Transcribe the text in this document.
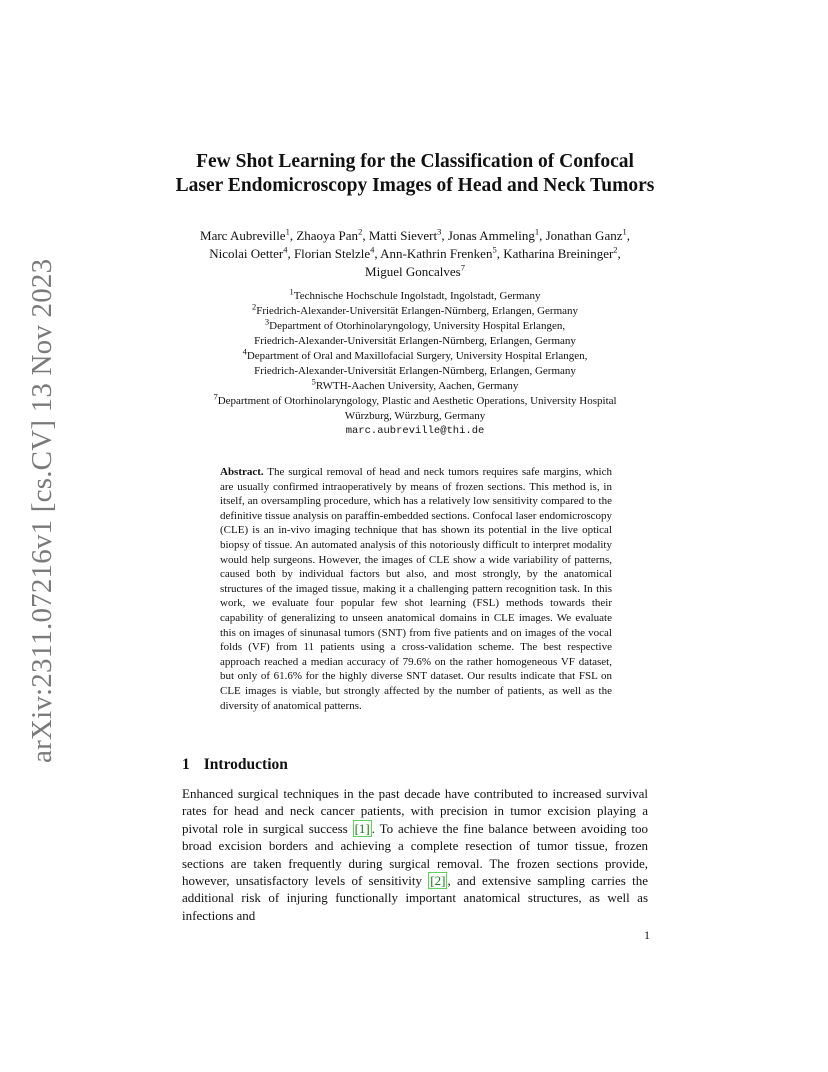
arXiv:2311.07216v1 [cs.CV] 13 Nov 2023
Few Shot Learning for the Classification of Confocal
Laser Endomicroscopy Images of Head and Neck Tumors
Marc Aubreville$^1$, Zhaoya Pan$^2$, Matti Sievert$^3$, Jonas Ammeling$^1$, Jonathan Ganz$^1$,
Nicolai Oetter$^4$, Florian Stelzle$^4$, Ann-Kathrin Frenken$^5$, Katharina Breininger$^2$,
Miguel Goncalves$^7$
$^1$Technische Hochschule Ingolstadt, Ingolstadt, Germany
$^2$Friedrich-Alexander-Universität Erlangen-Nürnberg, Erlangen, Germany
$^3$Department of Otorhinolaryngology, University Hospital Erlangen,
Friedrich-Alexander-Universität Erlangen-Nürnberg, Erlangen, Germany
$^4$Department of Oral and Maxillofacial Surgery, University Hospital Erlangen,
Friedrich-Alexander-Universität Erlangen-Nürnberg, Erlangen, Germany
$^5$RWTH-Aachen University, Aachen, Germany
$^7$Department of Otorhinolaryngology, Plastic and Aesthetic Operations, University Hospital
Würzburg, Würzburg, Germany
marc.aubreville@thi.de
Abstract. The surgical removal of head and neck tumors requires safe margins, which are usually confirmed intraoperatively by means of frozen sections. This method is, in itself, an oversampling procedure, which has a relatively low sensitivity compared to the definitive tissue analysis on paraffin-embedded sections. Confocal laser endomicroscopy (CLE) is an in-vivo imaging technique that has shown its potential in the live optical biopsy of tissue. An automated analysis of this notoriously difficult to interpret modality would help surgeons. However, the images of CLE show a wide variability of patterns, caused both by individual factors but also, and most strongly, by the anatomical structures of the imaged tissue, making it a challenging pattern recognition task. In this work, we evaluate four popular few shot learning (FSL) methods towards their capability of generalizing to unseen anatomical domains in CLE images. We evaluate this on images of sinunasal tumors (SNT) from five patients and on images of the vocal folds (VF) from 11 patients using a cross-validation scheme. The best respective approach reached a median accuracy of 79.6% on the rather homogeneous VF dataset, but only of 61.6% for the highly diverse SNT dataset. Our results indicate that FSL on CLE images is viable, but strongly affected by the number of patients, as well as the diversity of anatomical patterns.
1 Introduction
Enhanced surgical techniques in the past decade have contributed to increased survival rates for head and neck cancer patients, with precision in tumor excision playing a pivotal role in surgical success [1] . To achieve the fine balance between avoiding too broad excision borders and achieving a complete resection of tumor tissue, frozen sections are taken frequently during surgical removal. The frozen sections provide, however, unsatisfactory levels of sensitivity [2] , and extensive sampling carries the additional risk of injuring functionally important anatomical structures, as well as infections and
1
